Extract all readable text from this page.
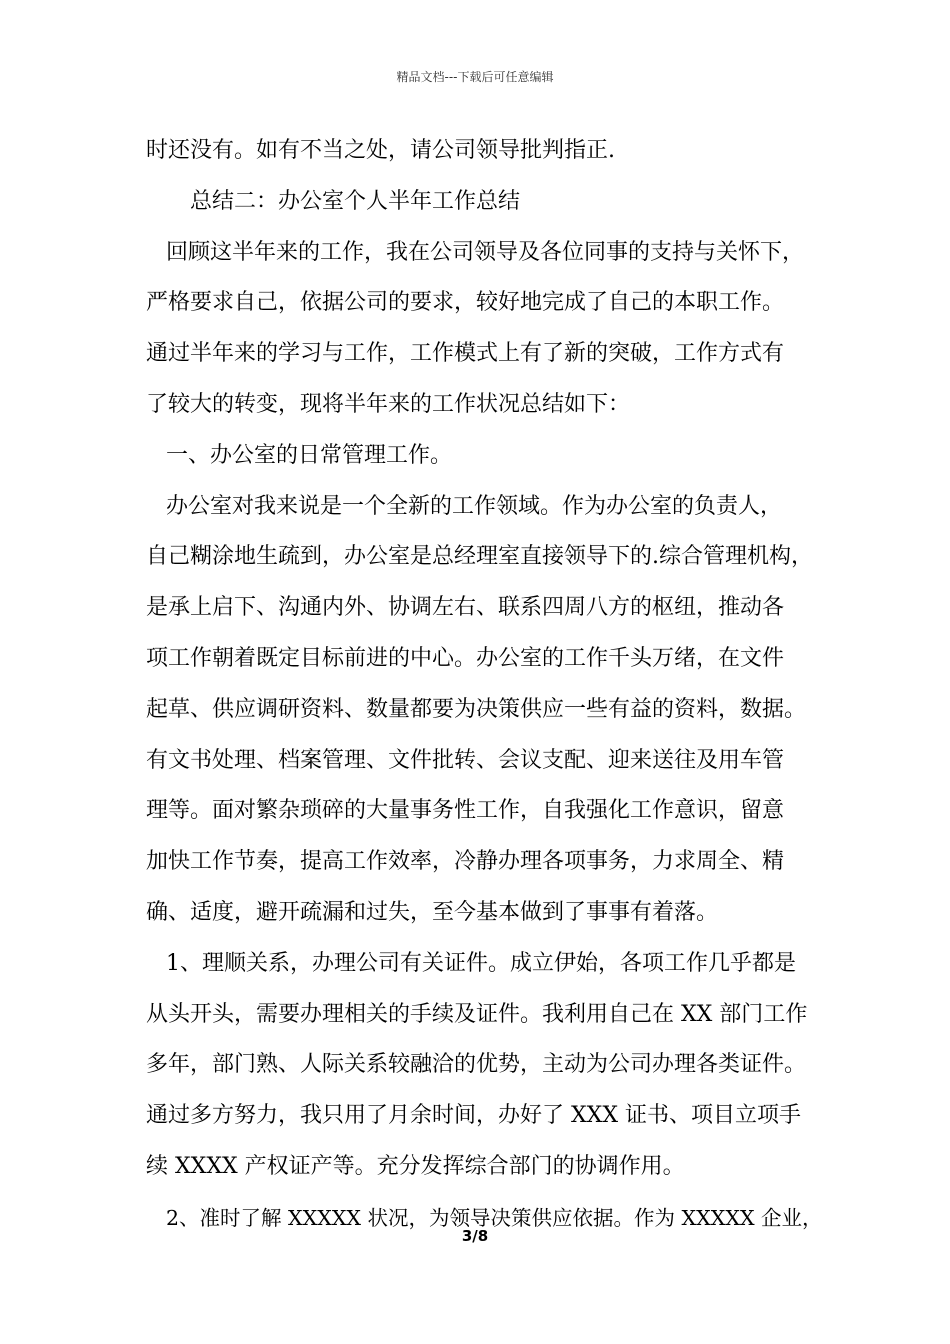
精品文档---下载后可任意编辑
时还没有。如有不当之处，请公司领导批判指正.
总结二：办公室个人半年工作总结
回顾这半年来的工作，我在公司领导及各位同事的支持与关怀下，
严格要求自己，依据公司的要求，较好地完成了自己的本职工作。
通过半年来的学习与工作，工作模式上有了新的突破，工作方式有
了较大的转变，现将半年来的工作状况总结如下：
一、办公室的日常管理工作。
办公室对我来说是一个全新的工作领域。作为办公室的负责人，
自己糊涂地生疏到，办公室是总经理室直接领导下的.综合管理机构，
是承上启下、沟通内外、协调左右、联系四周八方的枢纽，推动各
项工作朝着既定目标前进的中心。办公室的工作千头万绪，在文件
起草、供应调研资料、数量都要为决策供应一些有益的资料，数据。
有文书处理、档案管理、文件批转、会议支配、迎来送往及用车管
理等。面对繁杂琐碎的大量事务性工作，自我强化工作意识，留意
加快工作节奏，提高工作效率，冷静办理各项事务，力求周全、精
确、适度，避开疏漏和过失，至今基本做到了事事有着落。
1、理顺关系，办理公司有关证件。成立伊始，各项工作几乎都是
从头开头，需要办理相关的手续及证件。我利用自己在 XX 部门工作
多年，部门熟、人际关系较融洽的优势，主动为公司办理各类证件。
通过多方努力，我只用了月余时间，办好了 XXX 证书、项目立项手
续 XXXX 产权证产等。充分发挥综合部门的协调作用。
2、准时了解 XXXXX 状况，为领导决策供应依据。作为 XXXXX 企业，
3/8
